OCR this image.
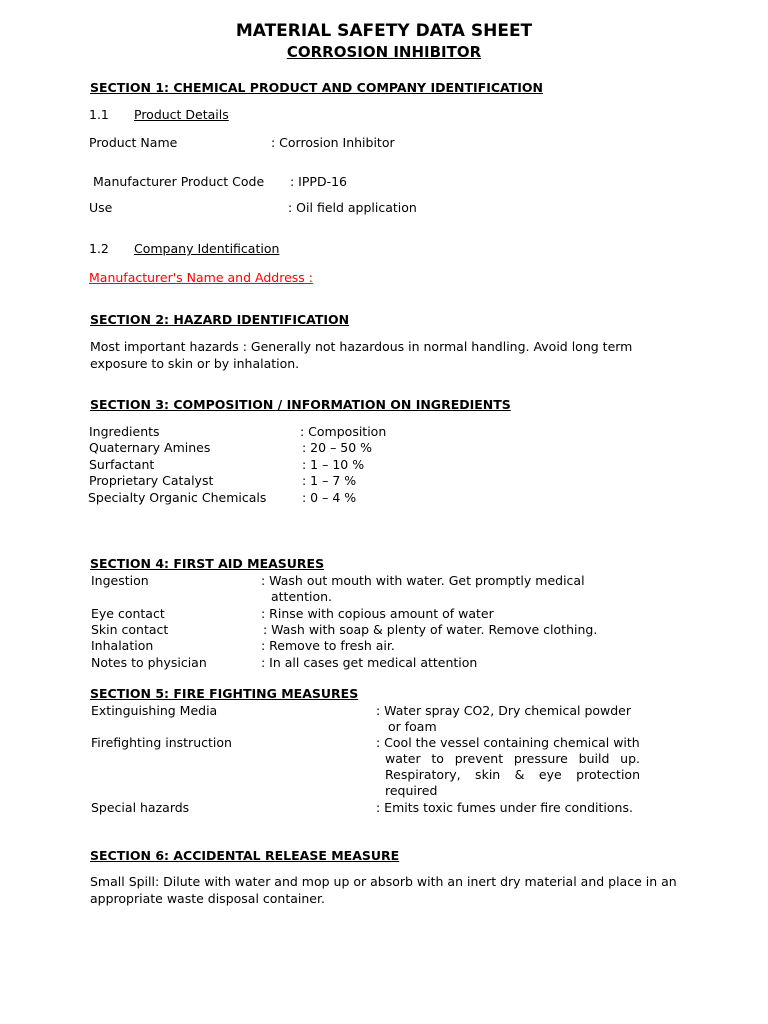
MATERIAL SAFETY DATA SHEET
CORROSION INHIBITOR
SECTION 1: CHEMICAL PRODUCT AND COMPANY IDENTIFICATION
1.1 Product Details
Product Name	: Corrosion Inhibitor
Manufacturer Product Code : IPPD-16
Use	: Oil field application
1.2 Company Identification
Manufacturer's Name and Address :
SECTION 2: HAZARD IDENTIFICATION
Most important hazards : Generally not hazardous in normal handling. Avoid long term exposure to skin or by inhalation.
SECTION 3: COMPOSITION / INFORMATION ON INGREDIENTS
Ingredients	: Composition
Quaternary Amines	: 20 – 50 %
Surfactant	: 1 – 10 %
Proprietary Catalyst	: 1 – 7 %
Specialty Organic Chemicals	: 0 – 4 %
SECTION 4: FIRST AID MEASURES
Ingestion	: Wash out mouth with water. Get promptly medical
attention.
Eye contact	: Rinse with copious amount of water
Skin contact	: Wash with soap & plenty of water. Remove clothing.
Inhalation	: Remove to fresh air.
Notes to physician	: In all cases get medical attention
SECTION 5: FIRE FIGHTING MEASURES
Extinguishing Media	: Water spray CO2, Dry chemical powder
or foam
Firefighting instruction	: Cool the vessel containing chemical with
water to prevent pressure build up. Respiratory, skin & eye protection required
Special hazards	: Emits toxic fumes under fire conditions.
SECTION 6: ACCIDENTAL RELEASE MEASURE
Small Spill: Dilute with water and mop up or absorb with an inert dry material and place in an appropriate waste disposal container.
